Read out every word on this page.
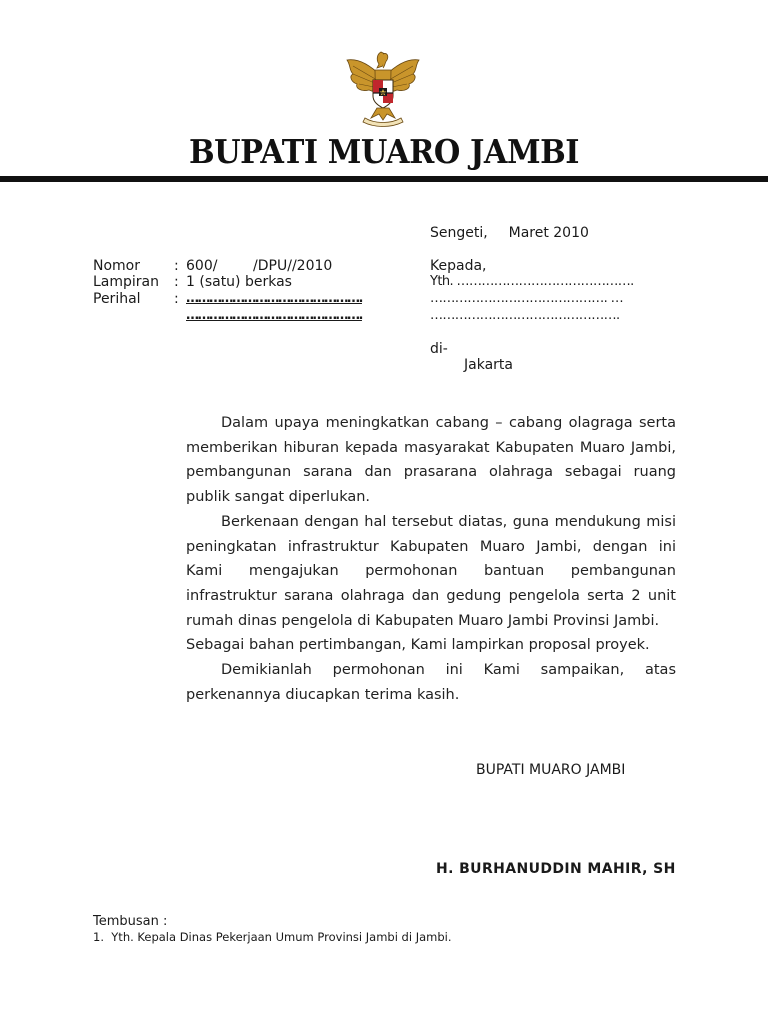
BUPATI MUARO JAMBI
Sengeti, Maret 2010
Nomor : 600/        /DPU//2010
Lampiran : 1 (satu) berkas
Perihal : ……………………………………….
……………………………………….
Kepada,
Yth. …………………………………….
……………………………………. …
……………………………………….
di-
Jakarta

Dalam upaya meningkatkan cabang – cabang olagraga serta memberikan hiburan kepada masyarakat Kabupaten Muaro Jambi, pembangunan sarana dan prasarana olahraga sebagai ruang publik sangat diperlukan.

Berkenaan dengan hal tersebut diatas, guna mendukung misi peningkatan infrastruktur Kabupaten Muaro Jambi, dengan ini Kami mengajukan permohonan bantuan pembangunan infrastruktur sarana olahraga dan gedung pengelola serta 2 unit rumah dinas pengelola di Kabupaten Muaro Jambi Provinsi Jambi.

Sebagai bahan pertimbangan, Kami lampirkan proposal proyek.

Demikianlah permohonan ini Kami sampaikan, atas perkenannya diucapkan terima kasih.

BUPATI MUARO JAMBI
H. BURHANUDDIN MAHIR, SH
Tembusan :
1.  Yth. Kepala Dinas Pekerjaan Umum Provinsi Jambi di Jambi.
